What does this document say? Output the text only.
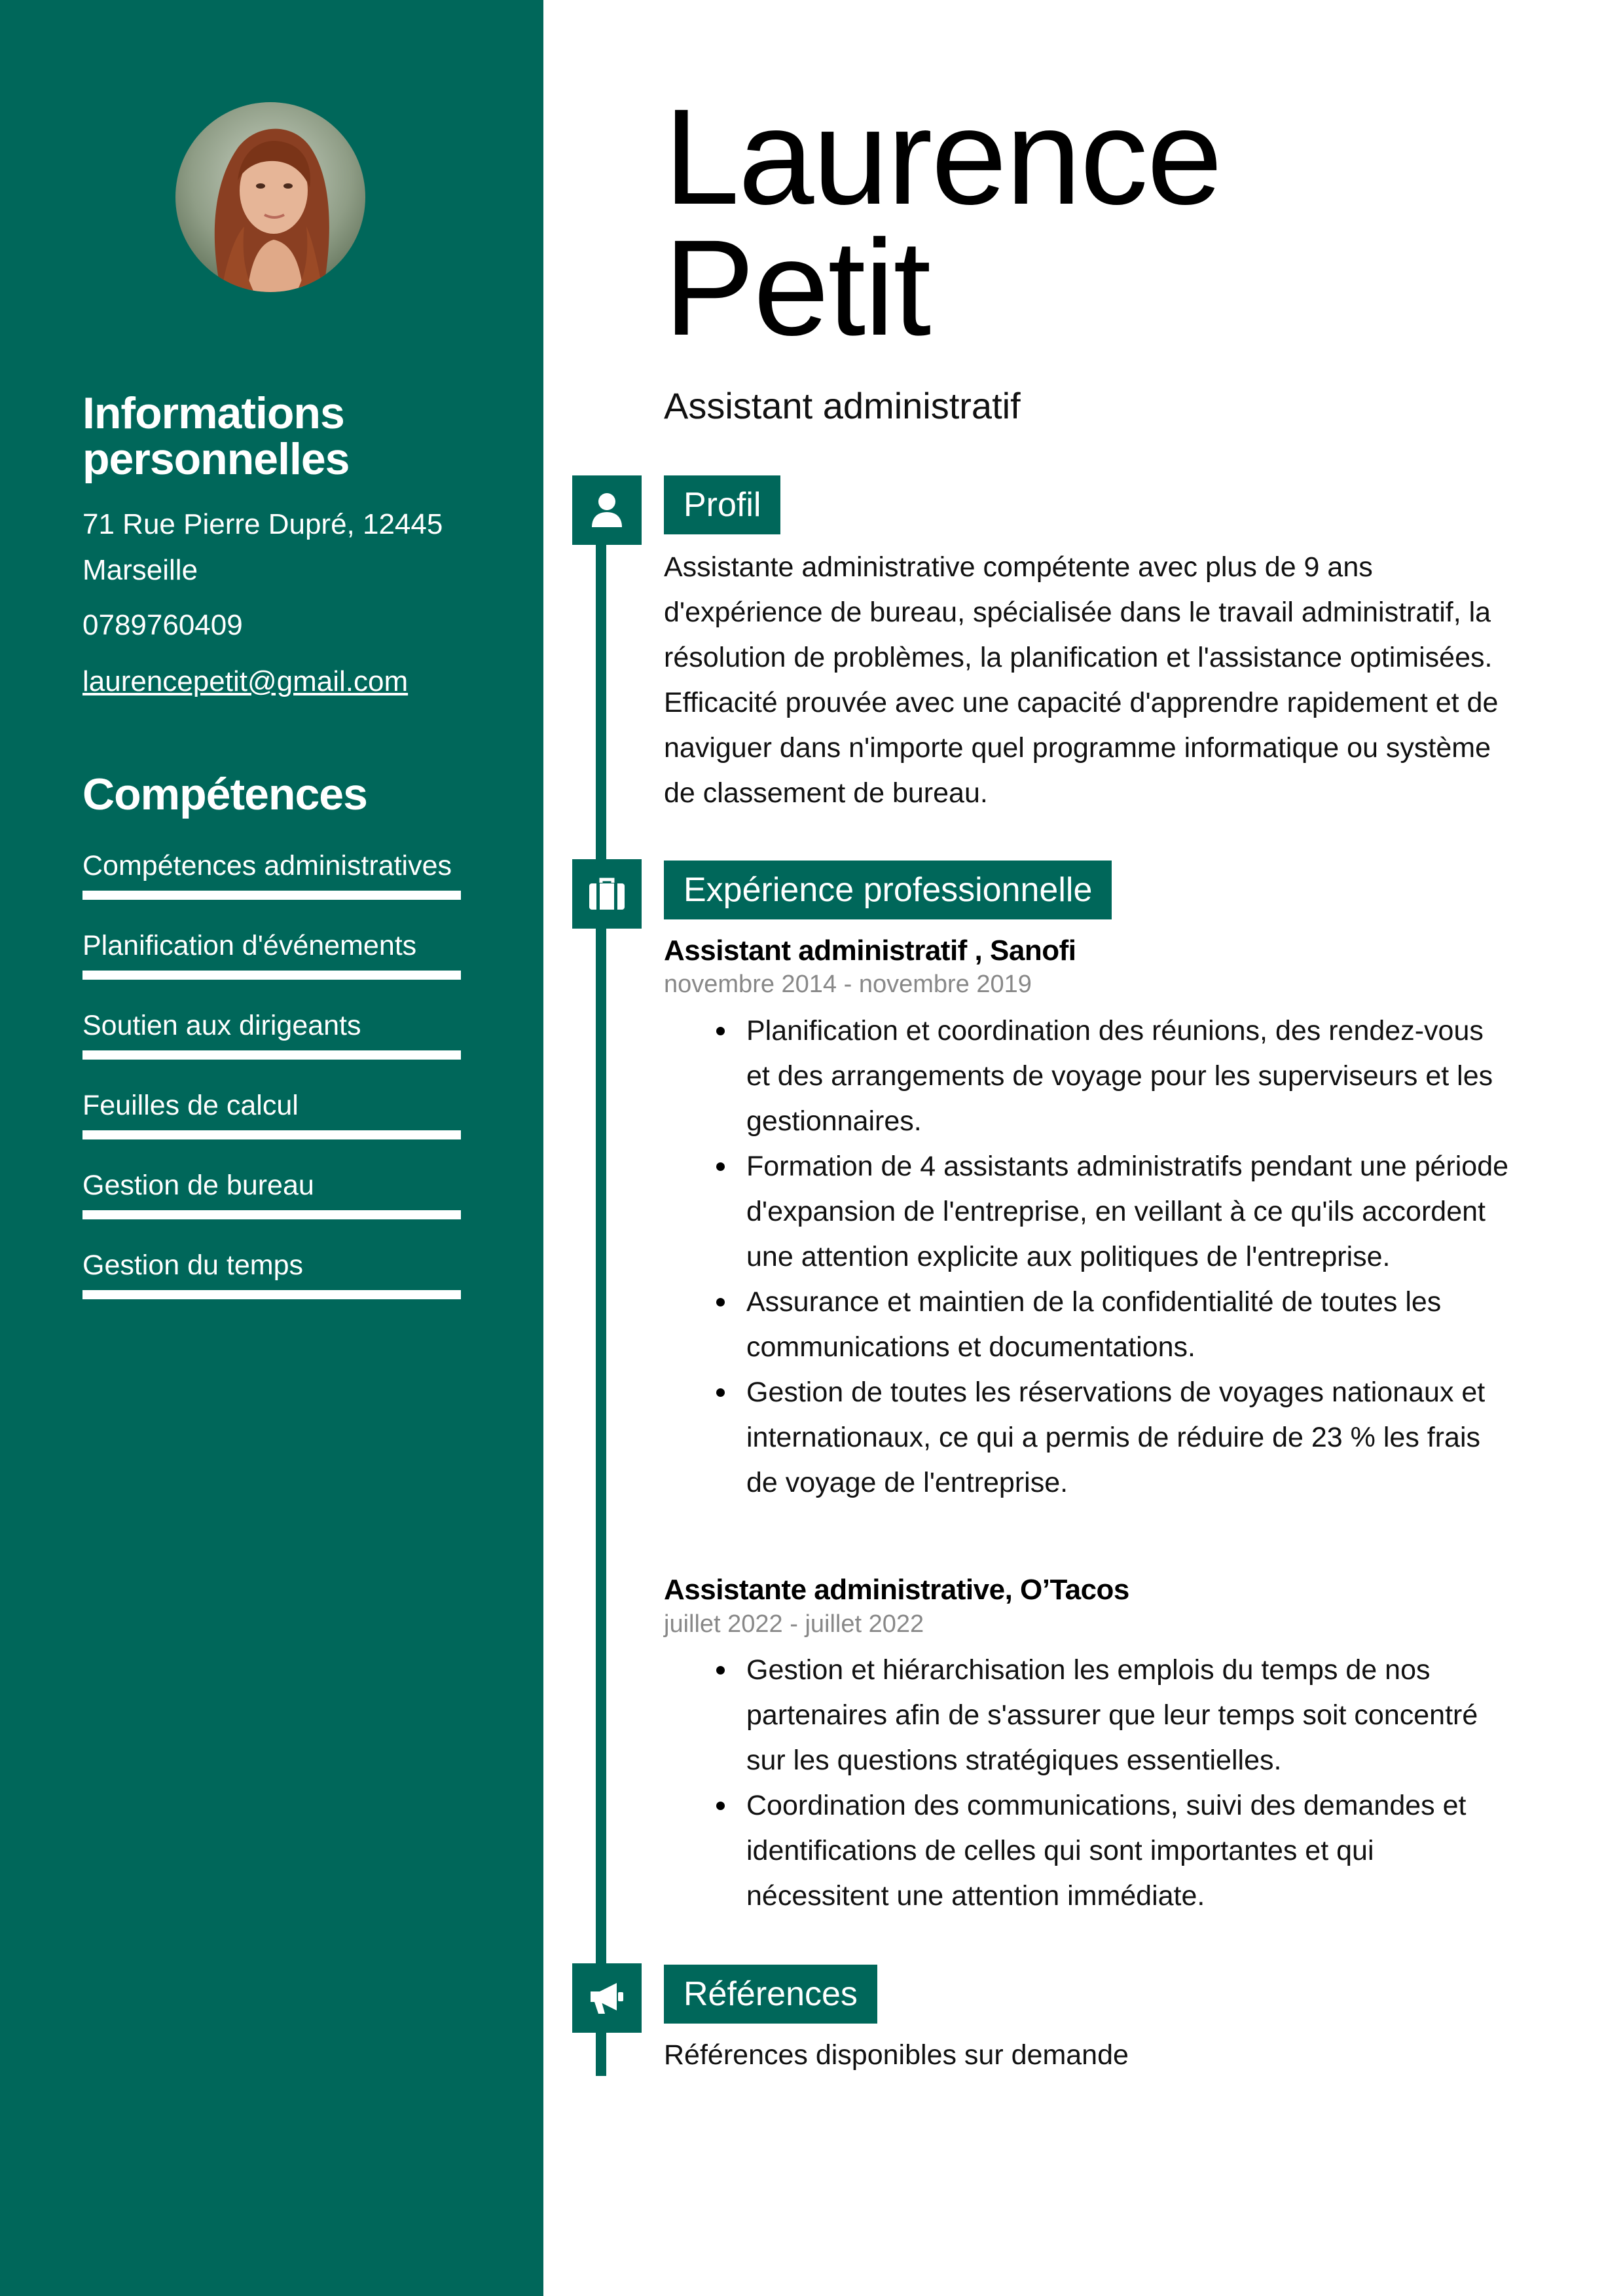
Informations
personnelles
71 Rue Pierre Dupré, 12445
Marseille
0789760409
laurencepetit@gmail.com
Compétences
Compétences administratives
Planification d'événements
Soutien aux dirigeants
Feuilles de calcul
Gestion de bureau
Gestion du temps
Laurence
Petit
Assistant administratif
Profil
Assistante administrative compétente avec plus de 9 ans d'expérience de bureau, spécialisée dans le travail administratif, la résolution de problèmes, la planification et l'assistance optimisées. Efficacité prouvée avec une capacité d'apprendre rapidement et de naviguer dans n'importe quel programme informatique ou système de classement de bureau.
Expérience professionnelle
Assistant administratif , Sanofi
novembre 2014 - novembre 2019
Planification et coordination des réunions, des rendez-vous et des arrangements de voyage pour les superviseurs et les gestionnaires.
Formation de 4 assistants administratifs pendant une période d'expansion de l'entreprise, en veillant à ce qu'ils accordent une attention explicite aux politiques de l'entreprise.
Assurance et maintien de la confidentialité de toutes les communications et documentations.
Gestion de toutes les réservations de voyages nationaux et internationaux, ce qui a permis de réduire de 23 % les frais de voyage de l'entreprise.
Assistante administrative, O’Tacos
juillet 2022 - juillet 2022
Gestion et hiérarchisation les emplois du temps de nos partenaires afin de s'assurer que leur temps soit concentré sur les questions stratégiques essentielles.
Coordination des communications, suivi des demandes et identifications de celles qui sont importantes et qui nécessitent une attention immédiate.
Références
Références disponibles sur demande
